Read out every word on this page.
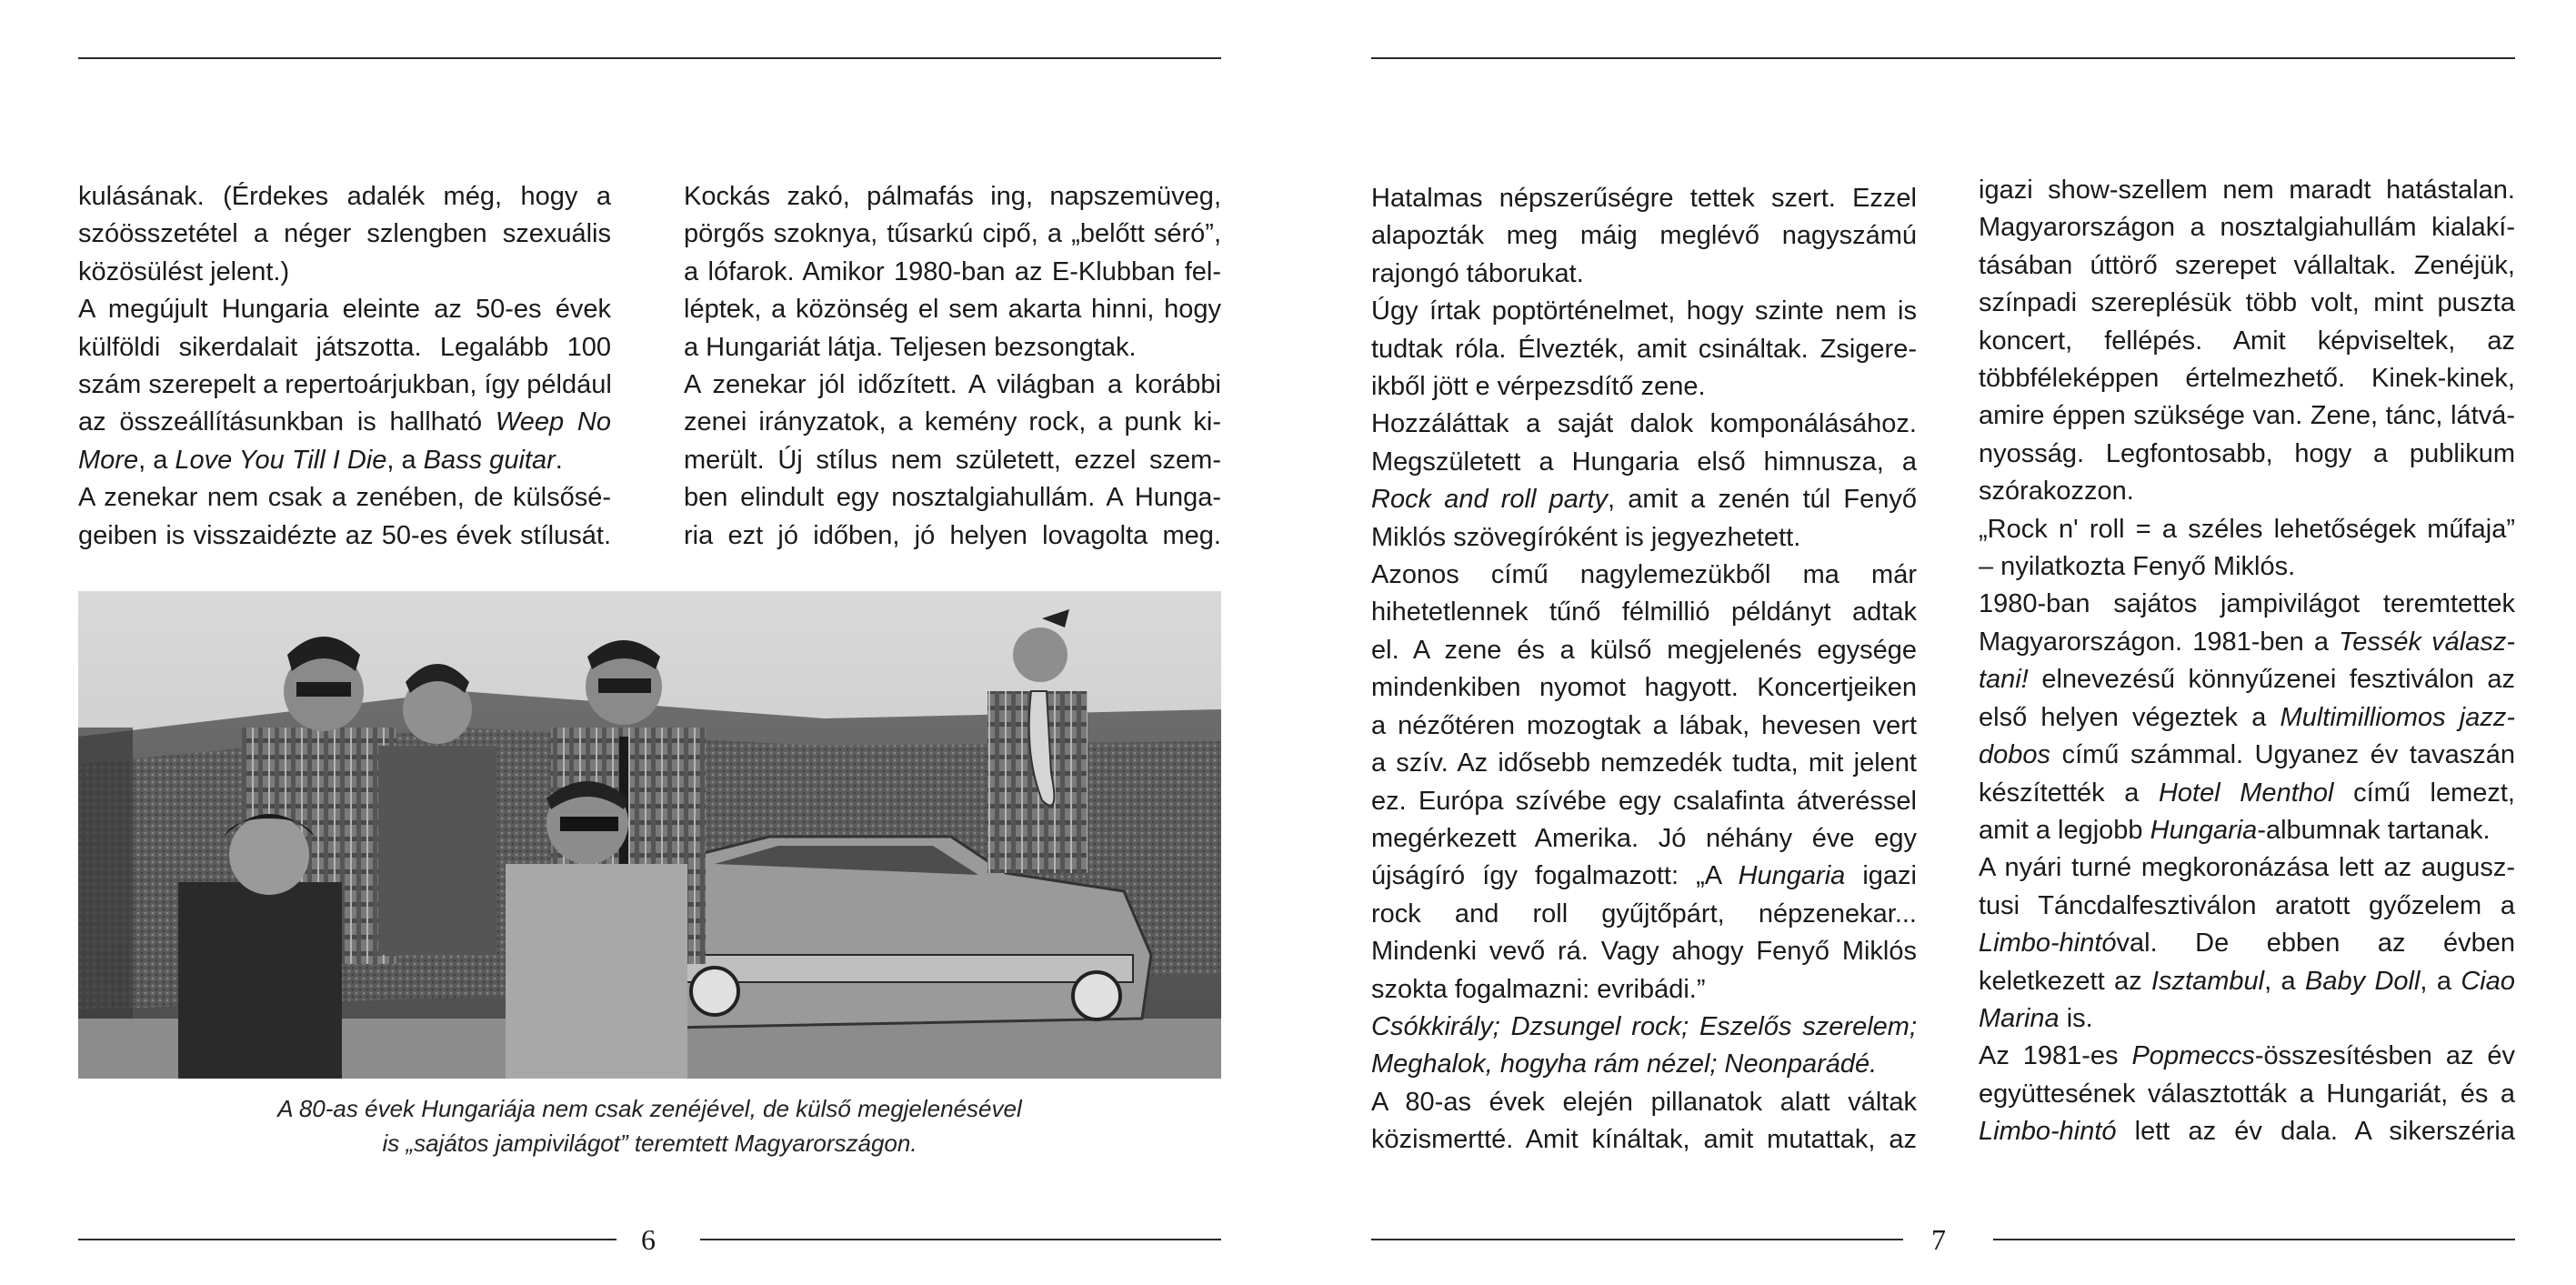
kulásának. (Érdekes adalék még, hogy a
szóösszetétel a néger szlengben szexuális
közösülést jelent.)

A megújult Hungaria eleinte az 50-es évek
külföldi sikerdalait játszotta. Legalább 100
szám szerepelt a repertoárjukban, így például
az összeállításunkban is hallható Weep No
More, a Love You Till I Die, a Bass guitar.

A zenekar nem csak a zenében, de külsősé-
geiben is visszaidézte az 50-es évek stílusát.

Kockás zakó, pálmafás ing, napszemüveg,
pörgős szoknya, tűsarkú cipő, a „belőtt séró”,
a lófarok. Amikor 1980-ban az E-Klubban fel-
léptek, a közönség el sem akarta hinni, hogy
a Hungariát látja. Teljesen bezsongtak.

A zenekar jól időzített. A világban a korábbi
zenei irányzatok, a kemény rock, a punk ki-
merült. Új stílus nem született, ezzel szem-
ben elindult egy nosztalgiahullám. A Hunga-
ria ezt jó időben, jó helyen lovagolta meg.

A 80-as évek Hungariája nem csak zenéjével, de külső megjelenésével
is „sajátos jampivilágot” teremtett Magyarországon.

Hatalmas népszerűségre tettek szert. Ezzel
alapozták meg máig meglévő nagyszámú
rajongó táborukat.

Úgy írtak poptörténelmet, hogy szinte nem is
tudtak róla. Élvezték, amit csináltak. Zsigere-
ikből jött e vérpezsdítő zene.

Hozzáláttak a saját dalok komponálásához.
Megszületett a Hungaria első himnusza, a
Rock and roll party, amit a zenén túl Fenyő
Miklós szövegíróként is jegyezhetett.

Azonos című nagylemezükből ma már
hihetetlennek tűnő félmillió példányt adtak
el. A zene és a külső megjelenés egysége
mindenkiben nyomot hagyott. Koncertjeiken
a nézőtéren mozogtak a lábak, hevesen vert
a szív. Az idősebb nemzedék tudta, mit jelent
ez. Európa szívébe egy csalafinta átveréssel
megérkezett Amerika. Jó néhány éve egy
újságíró így fogalmazott: „A Hungaria igazi
rock and roll gyűjtőpárt, népzenekar...
Mindenki vevő rá. Vagy ahogy Fenyő Miklós
szokta fogalmazni: evribádi.”

Csókkirály; Dzsungel rock; Eszelős szerelem;
Meghalok, hogyha rám nézel; Neonparádé.

A 80-as évek elején pillanatok alatt váltak
közismertté. Amit kínáltak, amit mutattak, az

igazi show-szellem nem maradt hatástalan.
Magyarországon a nosztalgiahullám kialakí-
tásában úttörő szerepet vállaltak. Zenéjük,
színpadi szereplésük több volt, mint puszta
koncert, fellépés. Amit képviseltek, az
többféleképpen értelmezhető. Kinek-kinek,
amire éppen szüksége van. Zene, tánc, látvá-
nyosság. Legfontosabb, hogy a publikum
szórakozzon.

„Rock n' roll = a széles lehetőségek műfaja”
– nyilatkozta Fenyő Miklós.

1980-ban sajátos jampivilágot teremtettek
Magyarországon. 1981-ben a Tessék válasz-
tani! elnevezésű könnyűzenei fesztiválon az
első helyen végeztek a Multimilliomos jazz-
dobos című számmal. Ugyanez év tavaszán
készítették a Hotel Menthol című lemezt,
amit a legjobb Hungaria-albumnak tartanak.

A nyári turné megkoronázása lett az augusz-
tusi Táncdalfesztiválon aratott győzelem a
Limbo-hintóval. De ebben az évben
keletkezett az Isztambul, a Baby Doll, a Ciao
Marina is.

Az 1981-es Popmeccs-összesítésben az év
együttesének választották a Hungariát, és a
Limbo-hintó lett az év dala. A sikerszéria

6	7
